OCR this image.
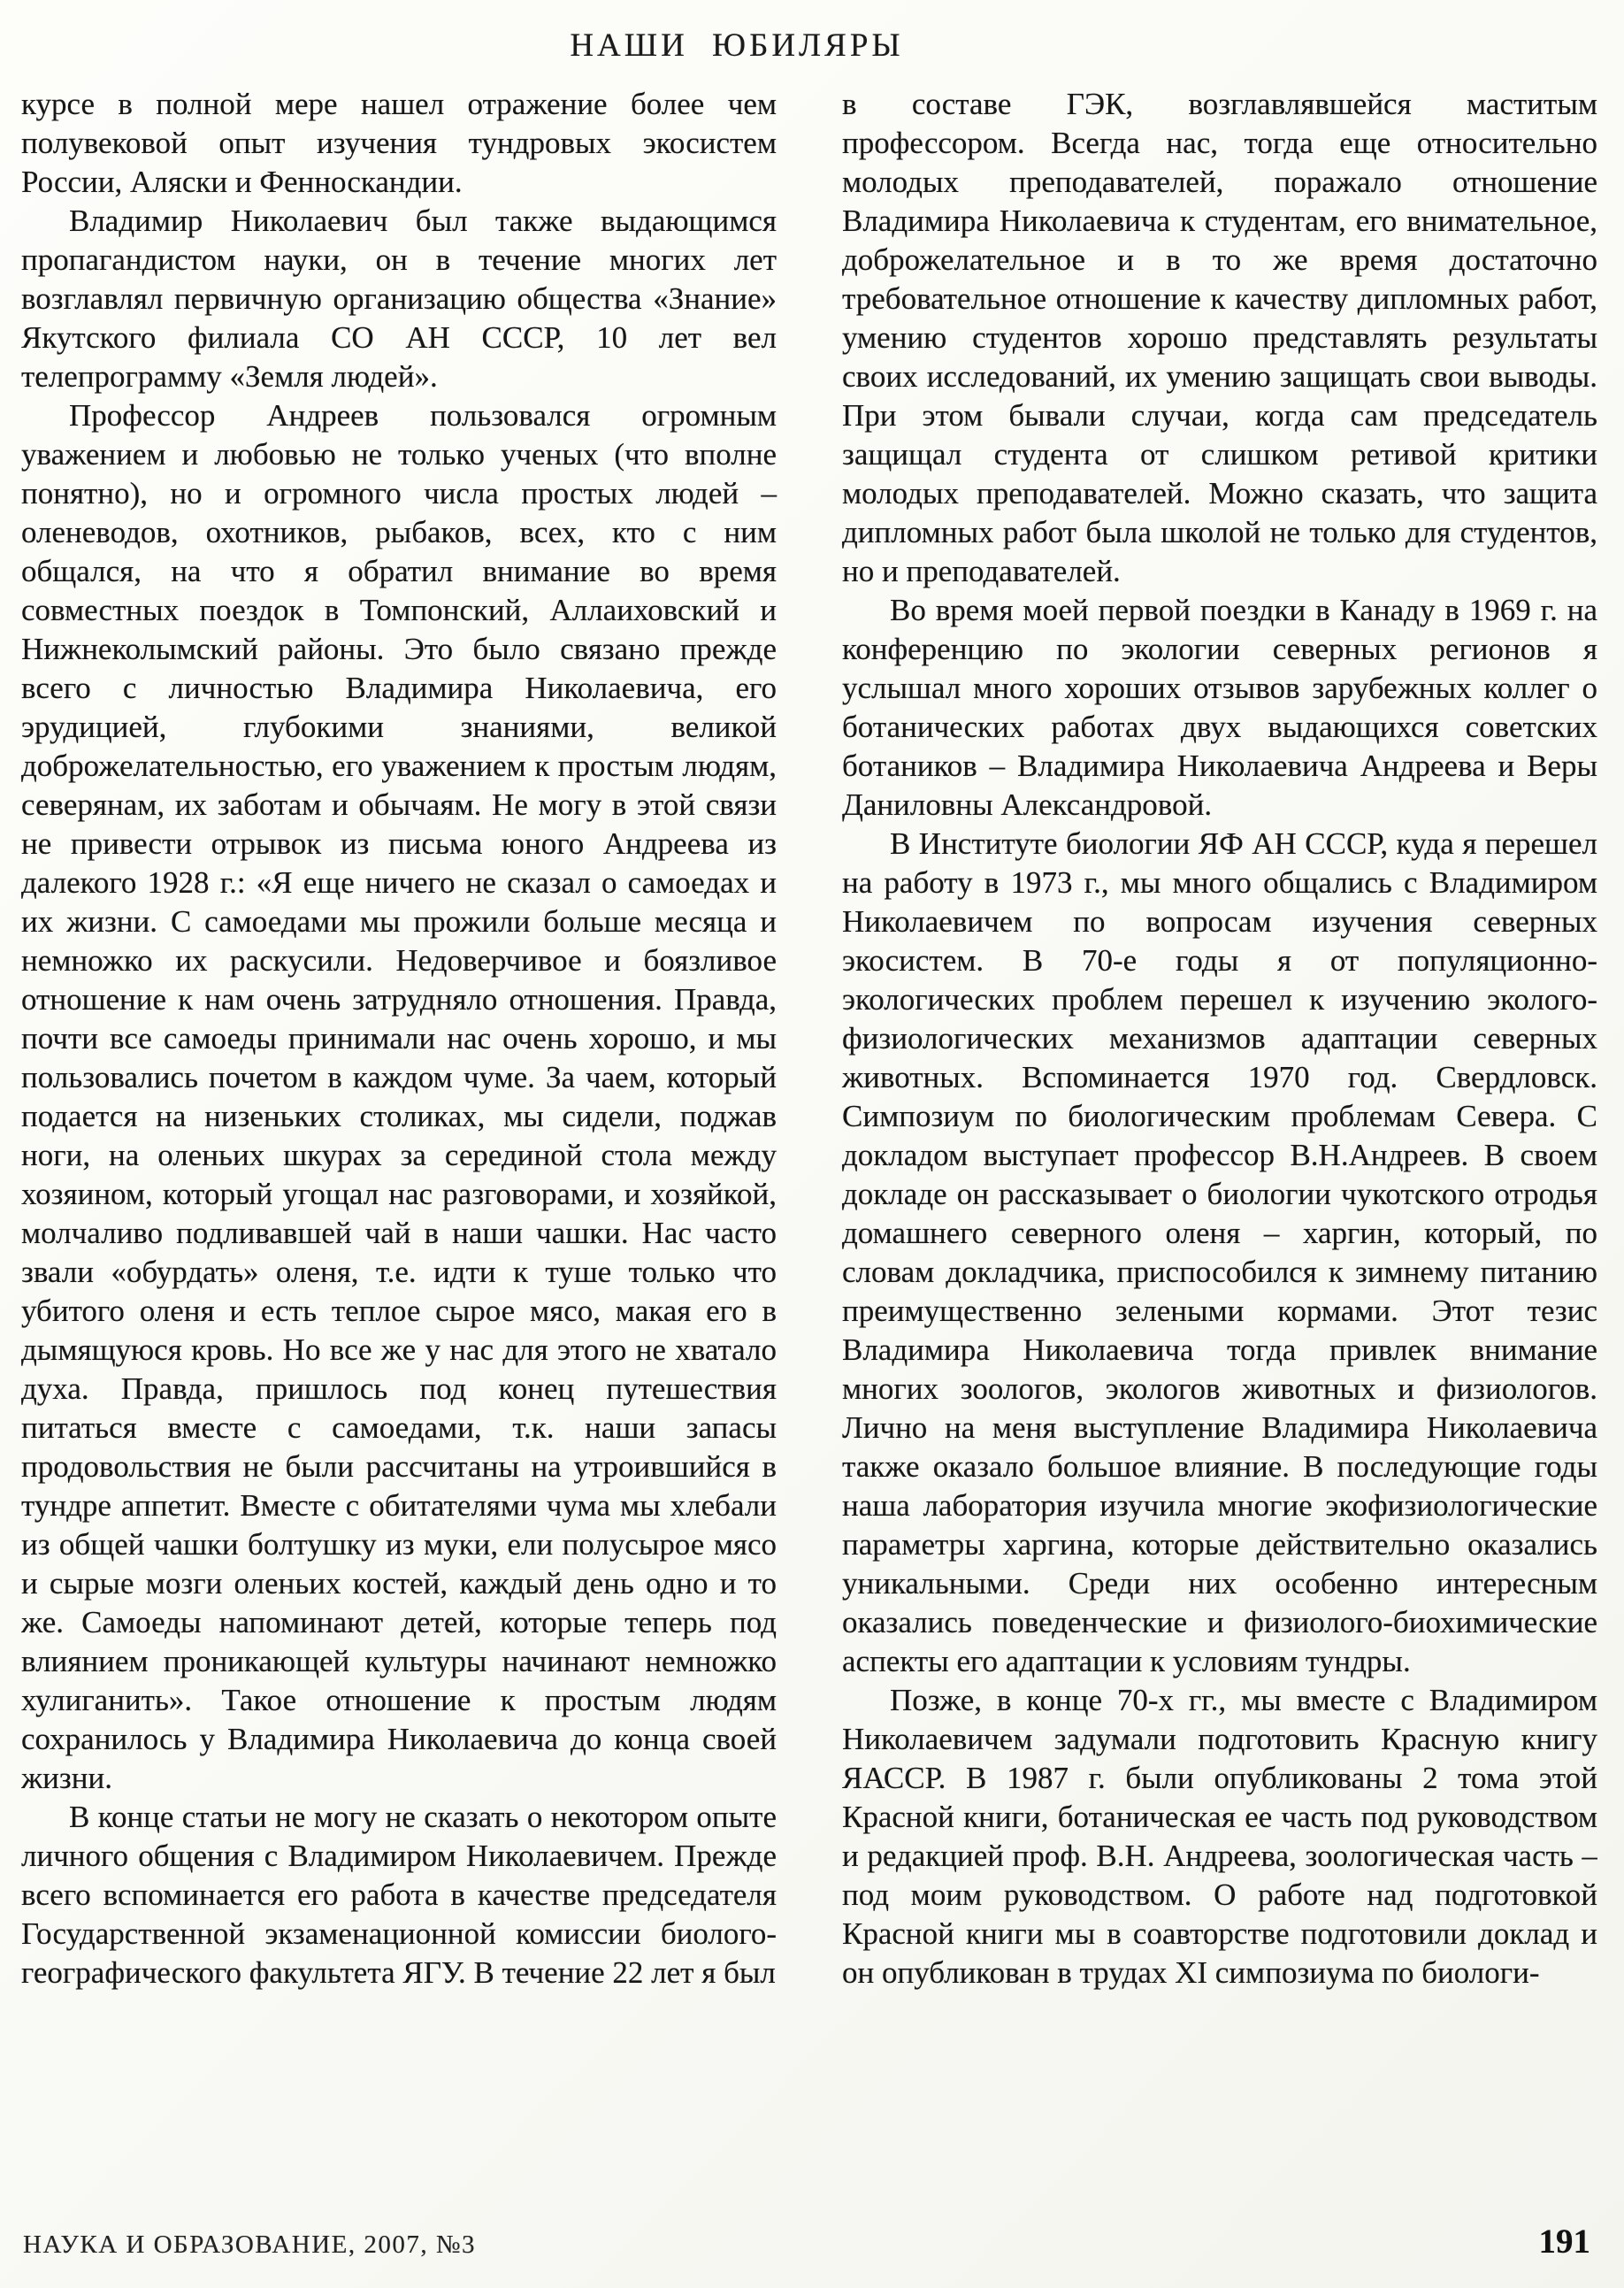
НАШИ ЮБИЛЯРЫ

курсе в полной мере нашел отражение более чем полувековой опыт изучения тундровых экосистем России, Аляски и Фенноскандии.

Владимир Николаевич был также выдающимся пропагандистом науки, он в течение многих лет возглавлял первичную организацию общества «Знание» Якутского филиала СО АН СССР, 10 лет вел телепрограмму «Земля людей».

Профессор Андреев пользовался огромным уважением и любовью не только ученых (что вполне понятно), но и огромного числа простых людей – оленеводов, охотников, рыбаков, всех, кто с ним общался, на что я обратил внимание во время совместных поездок в Томпонский, Аллаиховский и Нижнеколымский районы. Это было связано прежде всего с личностью Владимира Николаевича, его эрудицией, глубокими знаниями, великой доброжелательностью, его уважением к простым людям, северянам, их заботам и обычаям. Не могу в этой связи не привести отрывок из письма юного Андреева из далекого 1928 г.: «Я еще ничего не сказал о самоедах и их жизни. С самоедами мы прожили больше месяца и немножко их раскусили. Недоверчивое и боязливое отношение к нам очень затрудняло отношения. Правда, почти все самоеды принимали нас очень хорошо, и мы пользовались почетом в каждом чуме. За чаем, который подается на низеньких столиках, мы сидели, поджав ноги, на оленьих шкурах за серединой стола между хозяином, который угощал нас разговорами, и хозяйкой, молчаливо подливавшей чай в наши чашки. Нас часто звали «обурдать» оленя, т.е. идти к туше только что убитого оленя и есть теплое сырое мясо, макая его в дымящуюся кровь. Но все же у нас для этого не хватало духа. Правда, пришлось под конец путешествия питаться вместе с самоедами, т.к. наши запасы продовольствия не были рассчитаны на утроившийся в тундре аппетит. Вместе с обитателями чума мы хлебали из общей чашки болтушку из муки, ели полусырое мясо и сырые мозги оленьих костей, каждый день одно и то же. Самоеды напоминают детей, которые теперь под влиянием проникающей культуры начинают немножко хулиганить». Такое отношение к простым людям сохранилось у Владимира Николаевича до конца своей жизни.

В конце статьи не могу не сказать о некотором опыте личного общения с Владимиром Николаевичем. Прежде всего вспоминается его работа в качестве председателя Государственной экзаменационной комиссии биолого-географического факультета ЯГУ. В течение 22 лет я был

в составе ГЭК, возглавлявшейся маститым профессором. Всегда нас, тогда еще относительно молодых преподавателей, поражало отношение Владимира Николаевича к студентам, его внимательное, доброжелательное и в то же время достаточно требовательное отношение к качеству дипломных работ, умению студентов хорошо представлять результаты своих исследований, их умению защищать свои выводы. При этом бывали случаи, когда сам председатель защищал студента от слишком ретивой критики молодых преподавателей. Можно сказать, что защита дипломных работ была школой не только для студентов, но и преподавателей.

Во время моей первой поездки в Канаду в 1969 г. на конференцию по экологии северных регионов я услышал много хороших отзывов зарубежных коллег о ботанических работах двух выдающихся советских ботаников – Владимира Николаевича Андреева и Веры Даниловны Александровой.

В Институте биологии ЯФ АН СССР, куда я перешел на работу в 1973 г., мы много общались с Владимиром Николаевичем по вопросам изучения северных экосистем. В 70-е годы я от популяционно-экологических проблем перешел к изучению эколого-физиологических механизмов адаптации северных животных. Вспоминается 1970 год. Свердловск. Симпозиум по биологическим проблемам Севера. С докладом выступает профессор В.Н.Андреев. В своем докладе он рассказывает о биологии чукотского отродья домашнего северного оленя – харгин, который, по словам докладчика, приспособился к зимнему питанию преимущественно зелеными кормами. Этот тезис Владимира Николаевича тогда привлек внимание многих зоологов, экологов животных и физиологов. Лично на меня выступление Владимира Николаевича также оказало большое влияние. В последующие годы наша лаборатория изучила многие экофизиологические параметры харгина, которые действительно оказались уникальными. Среди них особенно интересным оказались поведенческие и физиолого-биохимические аспекты его адаптации к условиям тундры.

Позже, в конце 70-х гг., мы вместе с Владимиром Николаевичем задумали подготовить Красную книгу ЯАССР. В 1987 г. были опубликованы 2 тома этой Красной книги, ботаническая ее часть под руководством и редакцией проф. В.Н. Андреева, зоологическая часть – под моим руководством. О работе над подготовкой Красной книги мы в соавторстве подготовили доклад и он опубликован в трудах XI симпозиума по биологи-

НАУКА И ОБРАЗОВАНИЕ, 2007, №3	191
